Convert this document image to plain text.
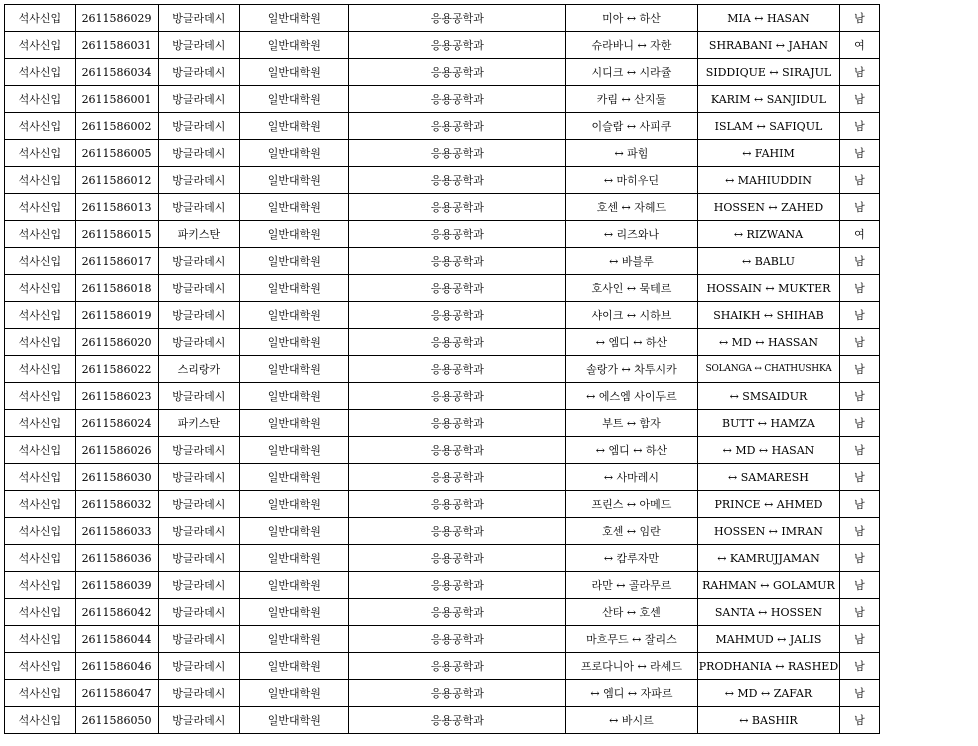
석사신입	2611586029	방글라데시	일반대학원	응용공학과	미아 ↔ 하산	MIA ↔ HASAN	남	
석사신입	2611586031	방글라데시	일반대학원	응용공학과	슈라바니 ↔ 자한	SHRABANI ↔ JAHAN	여	
석사신입	2611586034	방글라데시	일반대학원	응용공학과	시디크 ↔ 시라쥴	SIDDIQUE ↔ SIRAJUL	남	
석사신입	2611586001	방글라데시	일반대학원	응용공학과	카림 ↔ 산지둘	KARIM ↔ SANJIDUL	남	
석사신입	2611586002	방글라데시	일반대학원	응용공학과	이슬람 ↔ 사피쿠	ISLAM ↔ SAFIQUL	남	
석사신입	2611586005	방글라데시	일반대학원	응용공학과	↔ 파힘	↔ FAHIM	남	
석사신입	2611586012	방글라데시	일반대학원	응용공학과	↔ 마히우딘	↔ MAHIUDDIN	남	
석사신입	2611586013	방글라데시	일반대학원	응용공학과	호센 ↔ 자헤드	HOSSEN ↔ ZAHED	남	
석사신입	2611586015	파키스탄	일반대학원	응용공학과	↔ 리즈와나	↔ RIZWANA	여	
석사신입	2611586017	방글라데시	일반대학원	응용공학과	↔ 바블루	↔ BABLU	남	
석사신입	2611586018	방글라데시	일반대학원	응용공학과	호사인 ↔ 묵테르	HOSSAIN ↔ MUKTER	남	
석사신입	2611586019	방글라데시	일반대학원	응용공학과	샤이크 ↔ 시하브	SHAIKH ↔ SHIHAB	남	
석사신입	2611586020	방글라데시	일반대학원	응용공학과	↔ 엠디 ↔ 하산	↔ MD ↔ HASSAN	남	
석사신입	2611586022	스리랑카	일반대학원	응용공학과	솔랑가 ↔ 차투시카	SOLANGA ↔ CHATHUSHKA	남	
석사신입	2611586023	방글라데시	일반대학원	응용공학과	↔ 에스엠 사이두르	↔ SMSAIDUR	남	
석사신입	2611586024	파키스탄	일반대학원	응용공학과	부트 ↔ 함자	BUTT ↔ HAMZA	남	
석사신입	2611586026	방글라데시	일반대학원	응용공학과	↔ 엠디 ↔ 하산	↔ MD ↔ HASAN	남	
석사신입	2611586030	방글라데시	일반대학원	응용공학과	↔ 사마레시	↔ SAMARESH	남	
석사신입	2611586032	방글라데시	일반대학원	응용공학과	프린스 ↔ 아메드	PRINCE ↔ AHMED	남	
석사신입	2611586033	방글라데시	일반대학원	응용공학과	호센 ↔ 임란	HOSSEN ↔ IMRAN	남	
석사신입	2611586036	방글라데시	일반대학원	응용공학과	↔ 캄루자만	↔ KAMRUJJAMAN	남	
석사신입	2611586039	방글라데시	일반대학원	응용공학과	라만 ↔ 골라무르	RAHMAN ↔ GOLAMUR	남	
석사신입	2611586042	방글라데시	일반대학원	응용공학과	산타 ↔ 호센	SANTA ↔ HOSSEN	남	
석사신입	2611586044	방글라데시	일반대학원	응용공학과	마흐무드 ↔ 잘리스	MAHMUD ↔ JALIS	남	
석사신입	2611586046	방글라데시	일반대학원	응용공학과	프로다니아 ↔ 라셰드	PRODHANIA ↔ RASHED	남	
석사신입	2611586047	방글라데시	일반대학원	응용공학과	↔ 엠디 ↔ 자파르	↔ MD ↔ ZAFAR	남	
석사신입	2611586050	방글라데시	일반대학원	응용공학과	↔ 바시르	↔ BASHIR	남	
